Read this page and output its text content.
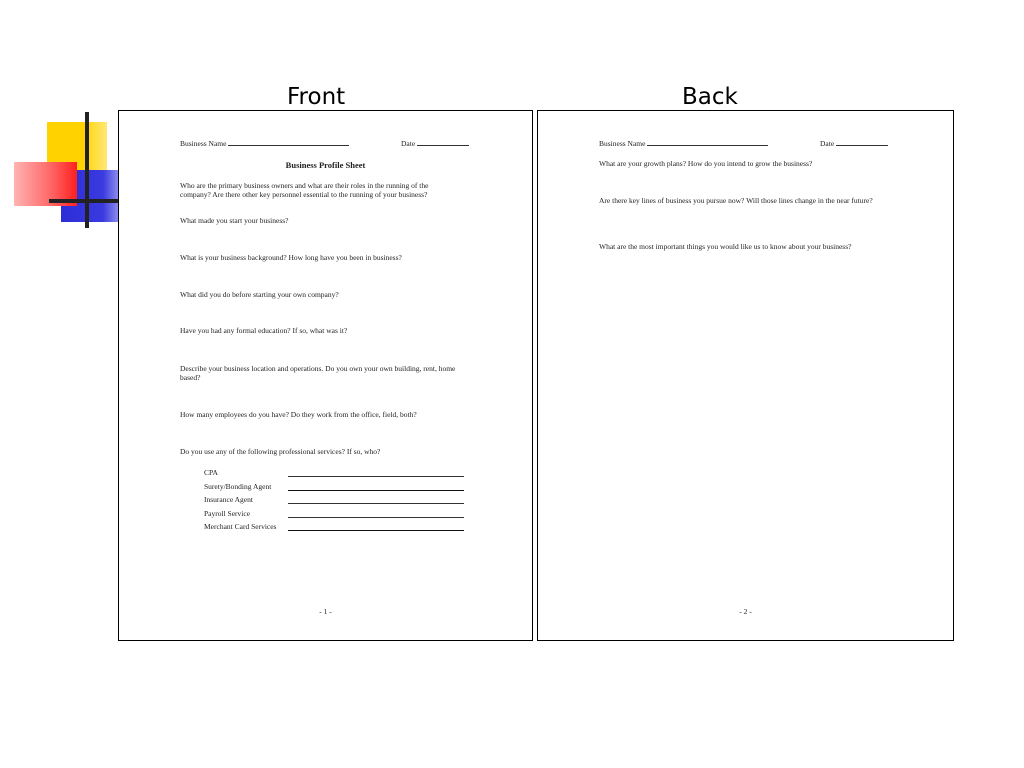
Front	Back
Business Name	Date
Business Profile Sheet
Who are the primary business owners and what are their roles in the running of the company? Are there other key personnel essential to the running of your business?
What made you start your business?
What is your business background? How long have you been in business?
What did you do before starting your own company?
Have you had any formal education? If so, what was it?
Describe your business location and operations. Do you own your own building, rent, home based?
How many employees do you have? Do they work from the office, field, both?
Do you use any of the following professional services? If so, who?
CPA
Surety/Bonding Agent
Insurance Agent
Payroll Service
Merchant Card Services
- 1 -
Business Name	Date
What are your growth plans? How do you intend to grow the business?
Are there key lines of business you pursue now? Will those lines change in the near future?
What are the most important things you would like us to know about your business?
- 2 -
